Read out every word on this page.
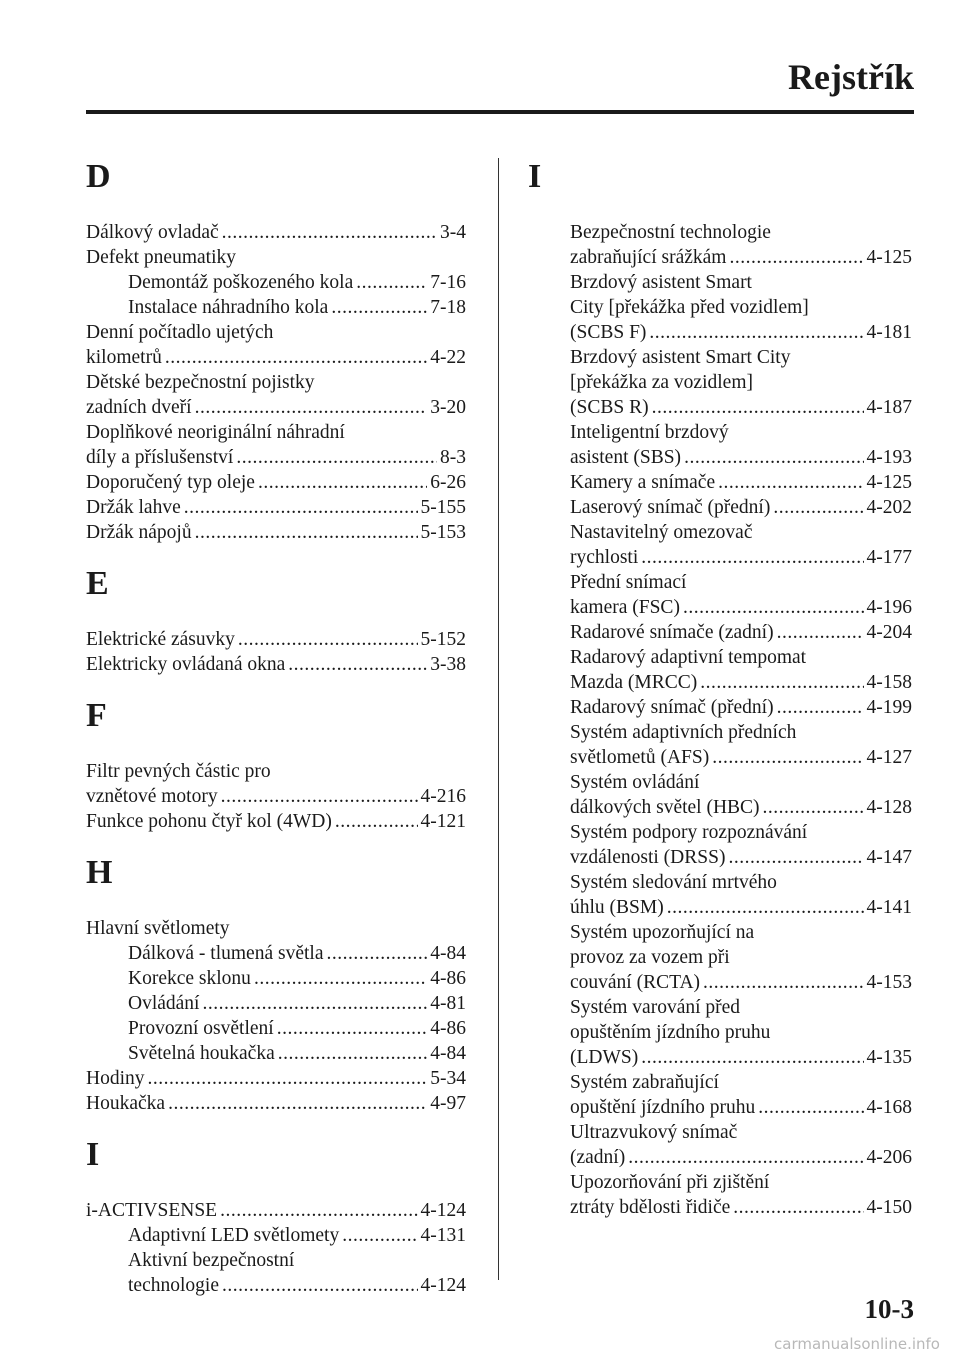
Rejstřík
D
Dálkový ovladač .....	3-4
Defekt pneumatiky
Demontáž poškozeného kola .....	7-16
Instalace náhradního kola .....	7-18
Denní počítadlo ujetých
kilometrů .....	4-22
Dětské bezpečnostní pojistky
zadních dveří .....	3-20
Doplňkové neoriginální náhradní
díly a příslušenství .....	8-3
Doporučený typ oleje .....	6-26
Držák lahve .....	5-155
Držák nápojů .....	5-153
E
Elektrické zásuvky .....	5-152
Elektricky ovládaná okna .....	3-38
F
Filtr pevných částic pro
vznětové motory .....	4-216
Funkce pohonu čtyř kol (4WD) .....	4-121
H
Hlavní světlomety
Dálková - tlumená světla .....	4-84
Korekce sklonu .....	4-86
Ovládání .....	4-81
Provozní osvětlení .....	4-86
Světelná houkačka .....	4-84
Hodiny .....	5-34
Houkačka .....	4-97
I
i-ACTIVSENSE .....	4-124
Adaptivní LED světlomety .....	4-131
Aktivní bezpečnostní
technologie .....	4-124
I
Bezpečnostní technologie
zabraňující srážkám .....	4-125
Brzdový asistent Smart
City [překážka před vozidlem]
(SCBS F) .....	4-181
Brzdový asistent Smart City
[překážka za vozidlem]
(SCBS R) .....	4-187
Inteligentní brzdový
asistent (SBS) .....	4-193
Kamery a snímače .....	4-125
Laserový snímač (přední) .....	4-202
Nastavitelný omezovač
rychlosti .....	4-177
Přední snímací
kamera (FSC) .....	4-196
Radarové snímače (zadní) .....	4-204
Radarový adaptivní tempomat
Mazda (MRCC) .....	4-158
Radarový snímač (přední) .....	4-199
Systém adaptivních předních
světlometů (AFS) .....	4-127
Systém ovládání
dálkových světel (HBC) .....	4-128
Systém podpory rozpoznávání
vzdálenosti (DRSS) .....	4-147
Systém sledování mrtvého
úhlu (BSM) .....	4-141
Systém upozorňující na
provoz za vozem při
couvání (RCTA) .....	4-153
Systém varování před
opuštěním jízdního pruhu
(LDWS) .....	4-135
Systém zabraňující
opuštění jízdního pruhu .....	4-168
Ultrazvukový snímač
(zadní) .....	4-206
Upozorňování při zjištění
ztráty bdělosti řidiče .....	4-150
10-3
carmanualsonline.info
